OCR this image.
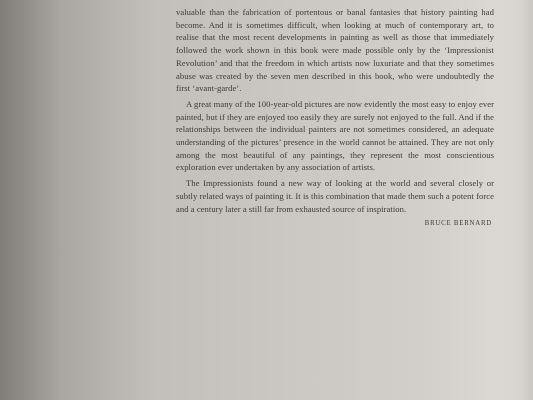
valuable than the fabrication of portentous or banal fantasies that history painting had become. And it is sometimes difficult, when looking at much of contemporary art, to realise that the most recent developments in painting as well as those that immediately followed the work shown in this book were made possible only by the ‘Impressionist Revolution’ and that the freedom in which artists now luxuriate and that they sometimes abuse was created by the seven men described in this book, who were undoubtedly the first ‘avant-garde’.

A great many of the 100-year-old pictures are now evidently the most easy to enjoy ever painted, but if they are enjoyed too easily they are surely not enjoyed to the full. And if the relationships between the individual painters are not sometimes considered, an adequate understanding of the pictures’ presence in the world cannot be attained. They are not only among the most beautiful of any paintings, they represent the most conscientious exploration ever undertaken by any association of artists.

The Impressionists found a new way of looking at the world and several closely or subtly related ways of painting it. It is this combination that made them such a potent force and a century later a still far from exhausted source of inspiration.

BRUCE BERNARD
